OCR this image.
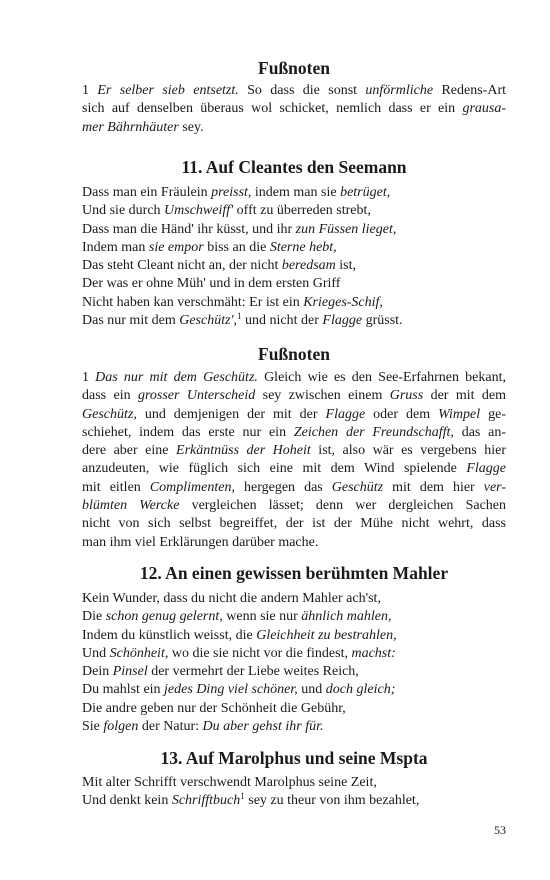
Fußnoten

1 Er selber sieb entsetzt. So dass die sonst unförmliche Redens-Art
sich auf denselben überaus wol schicket, nemlich dass er ein grausa-
mer Bährnhäuter sey.

11. Auf Cleantes den Seemann

Dass man ein Fräulein preisst, indem man sie betrüget,
Und sie durch Umschweiff' offt zu überreden strebt,
Dass man die Händ' ihr küsst, und ihr zun Füssen lieget,
Indem man sie empor biss an die Sterne hebt,
Das steht Cleant nicht an, der nicht beredsam ist,
Der was er ohne Müh' und in dem ersten Griff
Nicht haben kan verschmäht: Er ist ein Krieges-Schif,
Das nur mit dem Geschütz',$^1$ und nicht der Flagge grüsst.

Fußnoten

1 Das nur mit dem Geschütz. Gleich wie es den See-Erfahrnen bekant,
dass ein grosser Unterscheid sey zwischen einem Gruss der mit dem
Geschütz, und demjenigen der mit der Flagge oder dem Wimpel ge-
schiehet, indem das erste nur ein Zeichen der Freundschafft, das an-
dere aber eine Erkäntnüss der Hoheit ist, also wär es vergebens hier
anzudeuten, wie füglich sich eine mit dem Wind spielende Flagge
mit eitlen Complimenten, hergegen das Geschütz mit dem hier ver-
blümten Wercke vergleichen lässet; denn wer dergleichen Sachen
nicht von sich selbst begreiffet, der ist der Mühe nicht wehrt, dass
man ihm viel Erklärungen darüber mache.

12. An einen gewissen berühmten Mahler

Kein Wunder, dass du nicht die andern Mahler ach'st,
Die schon genug gelernt, wenn sie nur ähnlich mahlen,
Indem du künstlich weisst, die Gleichheit zu bestrahlen,
Und Schönheit, wo die sie nicht vor die findest, machst:
Dein Pinsel der vermehrt der Liebe weites Reich,
Du mahlst ein jedes Ding viel schöner, und doch gleich;
Die andre geben nur der Schönheit die Gebühr,
Sie folgen der Natur: Du aber gehst ihr für.

13. Auf Marolphus und seine Mspta

Mit alter Schrifft verschwendt Marolphus seine Zeit,
Und denkt kein Schrifftbuch$^1$ sey zu theur von ihm bezahlet,

53
